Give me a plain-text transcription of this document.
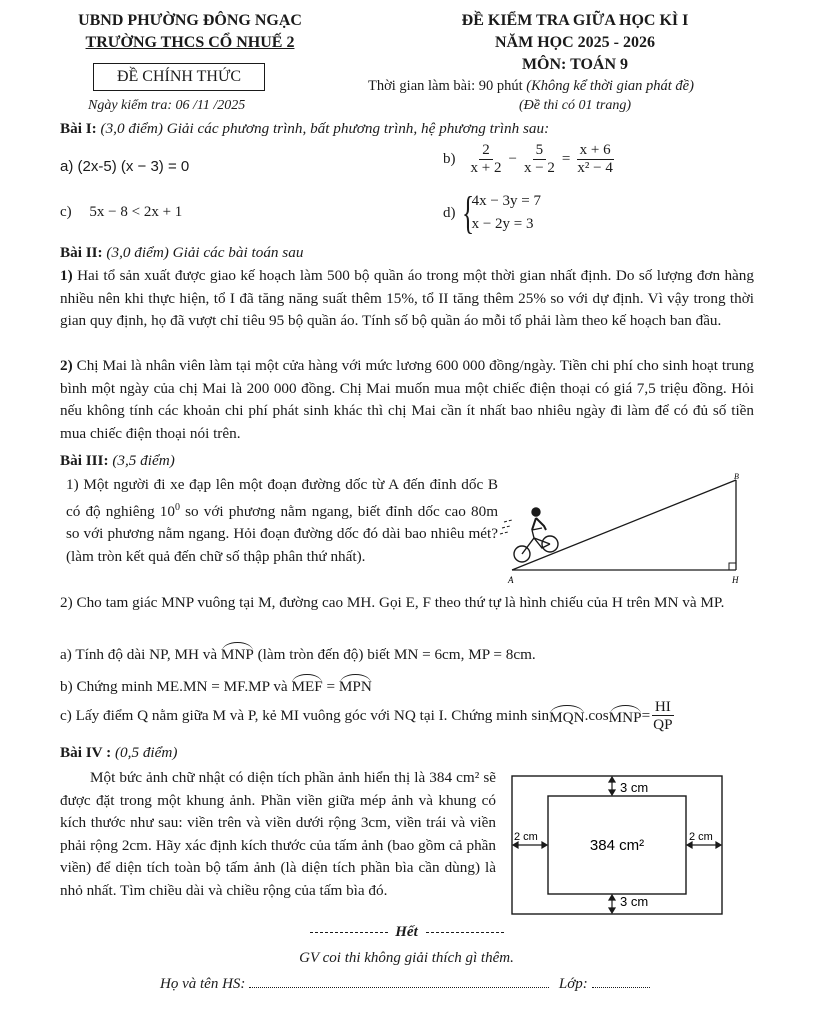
UBND PHƯỜNG ĐÔNG NGẠC
TRƯỜNG THCS CỔ NHUẾ 2
ĐỀ CHÍNH THỨC
Ngày kiểm tra: 06 /11 /2025
ĐỀ KIỂM TRA GIỮA HỌC KÌ I
NĂM HỌC 2025 - 2026
MÔN: TOÁN 9
Thời gian làm bài: 90 phút (Không kể thời gian phát đề)
(Đề thi có 01 trang)
Bài I: (3,0 điểm) Giải các phương trình, bất phương trình, hệ phương trình sau:
a) (2x-5) (x − 3) = 0	$b) \frac{2}{x + 2} - \frac{5}{x - 2} = \frac{x + 6}{\text{x² − 4}}$
c) 5x − 8 < 2x + 1	d) {
4x − 3y = 7
x − 2y = 3
Bài II: (3,0 điểm) Giải các bài toán sau
1) Hai tổ sản xuất được giao kế hoạch làm 500 bộ quần áo trong một thời gian nhất định. Do số lượng đơn hàng nhiều nên khi thực hiện, tổ I đã tăng năng suất thêm 15%, tổ II tăng thêm 25% so với dự định. Vì vậy trong thời gian quy định, họ đã vượt chỉ tiêu 95 bộ quần áo. Tính số bộ quần áo mỗi tổ phải làm theo kế hoạch ban đầu.
2) Chị Mai là nhân viên làm tại một cửa hàng với mức lương 600 000 đồng/ngày. Tiền chi phí cho sinh hoạt trung bình một ngày của chị Mai là 200 000 đồng. Chị Mai muốn mua một chiếc điện thoại có giá 7,5 triệu đồng. Hỏi nếu không tính các khoản chi phí phát sinh khác thì chị Mai cần ít nhất bao nhiêu ngày đi làm để có đủ số tiền mua chiếc điện thoại nói trên.
Bài III: (3,5 điểm)
1) Một người đi xe đạp lên một đoạn đường dốc từ A đến đỉnh dốc B có độ nghiêng $10^0$ so với phương nằm ngang, biết đỉnh dốc cao 80m so với phương nằm ngang. Hỏi đoạn đường dốc đó dài bao nhiêu mét? (làm tròn kết quả đến chữ số thập phân thứ nhất).
A
B
H
2) Cho tam giác MNP vuông tại M, đường cao MH. Gọi E, F theo thứ tự là hình chiếu của H trên MN và MP.
a) Tính độ dài NP, MH và MNP (làm tròn đến độ) biết MN = 6cm, MP = 8cm.
b) Chứng minh ME.MN = MF.MP và MEF = MPN
c) Lấy điểm Q nằm giữa M và P, kẻ MI vuông góc với NQ tại I. Chứng minh sin MQN .cos MNP = $\frac{HI}{QP}$
Bài IV : (0,5 điểm)
Một bức ảnh chữ nhật có diện tích phần ảnh hiển thị là 384 cm² sẽ được đặt trong một khung ảnh. Phần viền giữa mép ảnh và khung có kích thước như sau: viền trên và viền dưới rộng 3cm, viền trái và viền phải rộng 2cm. Hãy xác định kích thước của tấm ảnh (bao gồm cả phần viền) để diện tích toàn bộ tấm ảnh (là diện tích phần bìa cần dùng) là nhỏ nhất. Tìm chiều dài và chiều rộng của tấm bìa đó.
3 cm
3 cm
2 cm	2 cm
384 cm²
Hết
GV coi thi không giải thích gì thêm.
Họ và tên HS:	Lớp:
